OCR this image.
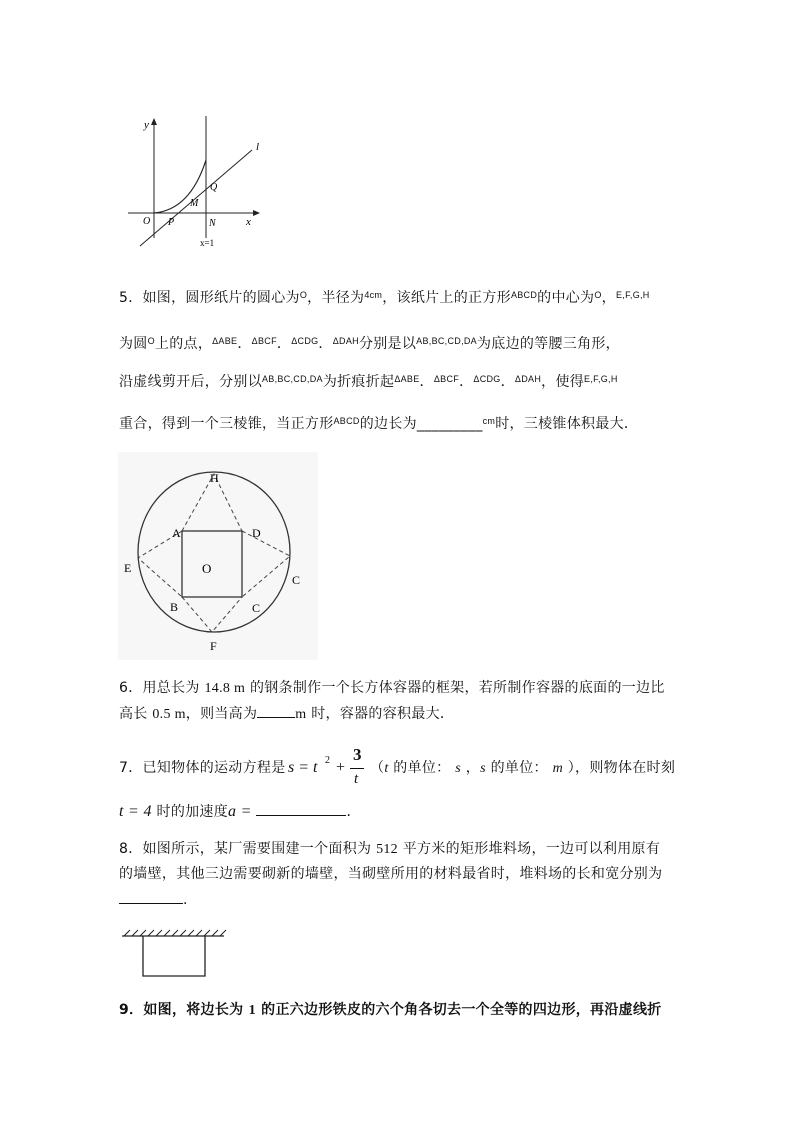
y
x
l
Q
M
O P	N
x=1
5．如图，圆形纸片的圆心为$^O$，半径为$^{4cm}$，该纸片上的正方形$^{ABCD}$的中心为$^O$，$^{E,F,G,H}$
为圆$^O$上的点，$^{\Delta ABE}$．$^{\Delta BCF}$．$^{\Delta CDG}$．$^{\Delta DAH}$分别是以$^{AB,BC,CD,DA}$为底边的等腰三角形，
沿虚线剪开后，分别以$^{AB,BC,CD,DA}$为折痕折起$^{\Delta ABE}$．$^{\Delta BCF}$．$^{\Delta CDG}$．$^{\Delta DAH}$，使得$^{E,F,G,H}$
重合，得到一个三棱锥，当正方形$^{ABCD}$的边长为_________$^{cm}$时，三棱锥体积最大．
H
A	D
E	O
C
B	C
F
6．用总长为 14.8 m 的钢条制作一个长方体容器的框架，若所制作容器的底面的一边比
高长 0.5 m，则当高为	m 时，容器的容积最大．
7．已知物体的运动方程是 s = t 2 +
3
t
（t 的单位： s ，s 的单位： m ），则物体在时刻
t = 4 时的加速度a =	．
8．如图所示，某厂需要围建一个面积为 512 平方米的矩形堆料场，一边可以利用原有
的墙壁，其他三边需要砌新的墙壁，当砌壁所用的材料最省时，堆料场的长和宽分别为
.
9．如图，将边长为 1 的正六边形铁皮的六个角各切去一个全等的四边形，再沿虚线折
